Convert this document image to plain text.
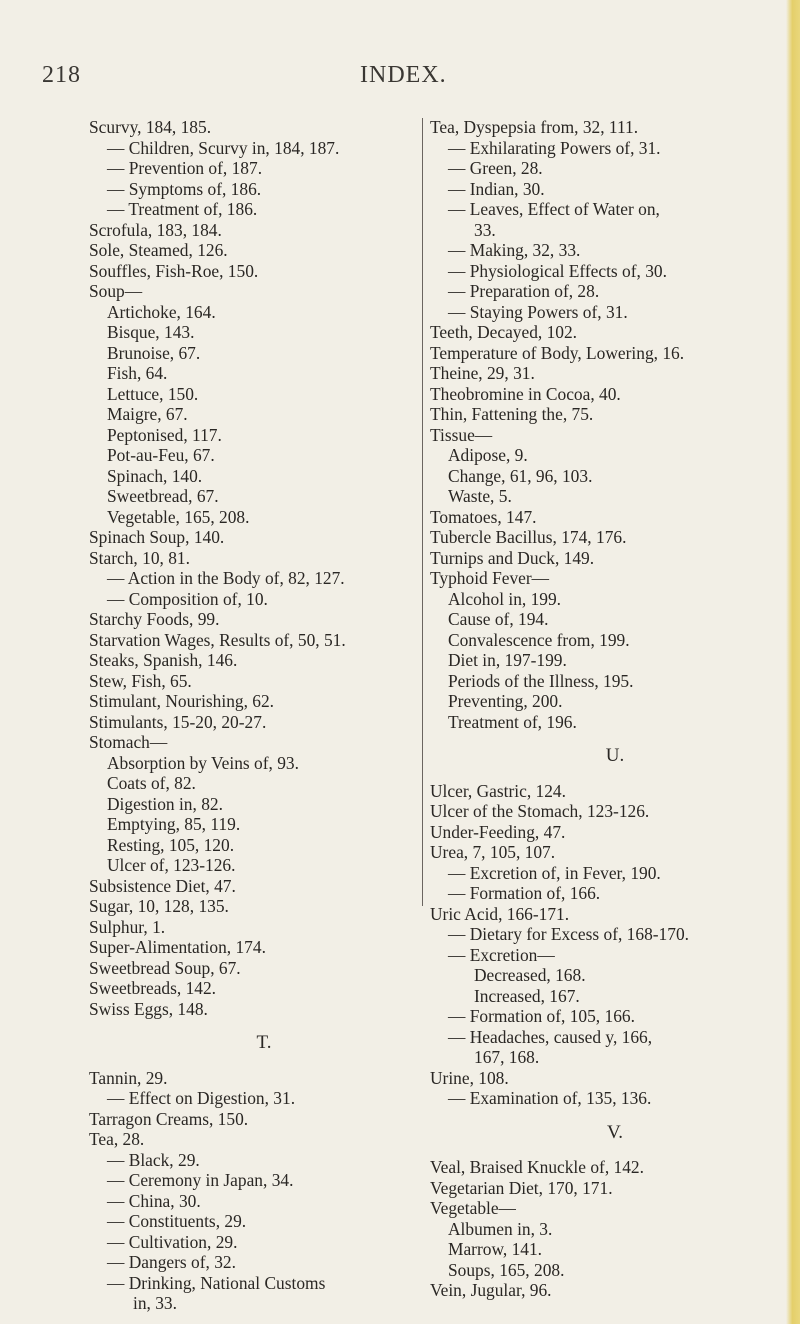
218	INDEX.
Scurvy, 184, 185.
— Children, Scurvy in, 184, 187.
— Prevention of, 187.
— Symptoms of, 186.
— Treatment of, 186.
Scrofula, 183, 184.
Sole, Steamed, 126.
Souffles, Fish-Roe, 150.
Soup—
Artichoke, 164.
Bisque, 143.
Brunoise, 67.
Fish, 64.
Lettuce, 150.
Maigre, 67.
Peptonised, 117.
Pot-au-Feu, 67.
Spinach, 140.
Sweetbread, 67.
Vegetable, 165, 208.
Spinach Soup, 140.
Starch, 10, 81.
— Action in the Body of, 82, 127.
— Composition of, 10.
Starchy Foods, 99.
Starvation Wages, Results of, 50, 51.
Steaks, Spanish, 146.
Stew, Fish, 65.
Stimulant, Nourishing, 62.
Stimulants, 15-20, 20-27.
Stomach—
Absorption by Veins of, 93.
Coats of, 82.
Digestion in, 82.
Emptying, 85, 119.
Resting, 105, 120.
Ulcer of, 123-126.
Subsistence Diet, 47.
Sugar, 10, 128, 135.
Sulphur, 1.
Super-Alimentation, 174.
Sweetbread Soup, 67.
Sweetbreads, 142.
Swiss Eggs, 148.
T.
Tannin, 29.
— Effect on Digestion, 31.
Tarragon Creams, 150.
Tea, 28.
— Black, 29.
— Ceremony in Japan, 34.
— China, 30.
— Constituents, 29.
— Cultivation, 29.
— Dangers of, 32.
— Drinking, National Customs
in, 33.
Tea, Dyspepsia from, 32, 111.
— Exhilarating Powers of, 31.
— Green, 28.
— Indian, 30.
— Leaves, Effect of Water on,
33.
— Making, 32, 33.
— Physiological Effects of, 30.
— Preparation of, 28.
— Staying Powers of, 31.
Teeth, Decayed, 102.
Temperature of Body, Lowering, 16.
Theine, 29, 31.
Theobromine in Cocoa, 40.
Thin, Fattening the, 75.
Tissue—
Adipose, 9.
Change, 61, 96, 103.
Waste, 5.
Tomatoes, 147.
Tubercle Bacillus, 174, 176.
Turnips and Duck, 149.
Typhoid Fever—
Alcohol in, 199.
Cause of, 194.
Convalescence from, 199.
Diet in, 197-199.
Periods of the Illness, 195.
Preventing, 200.
Treatment of, 196.
U.
Ulcer, Gastric, 124.
Ulcer of the Stomach, 123-126.
Under-Feeding, 47.
Urea, 7, 105, 107.
— Excretion of, in Fever, 190.
— Formation of, 166.
Uric Acid, 166-171.
— Dietary for Excess of, 168-170.
— Excretion—
Decreased, 168.
Increased, 167.
— Formation of, 105, 166.
— Headaches, caused y, 166,
167, 168.
Urine, 108.
— Examination of, 135, 136.
V.
Veal, Braised Knuckle of, 142.
Vegetarian Diet, 170, 171.
Vegetable—
Albumen in, 3.
Marrow, 141.
Soups, 165, 208.
Vein, Jugular, 96.
